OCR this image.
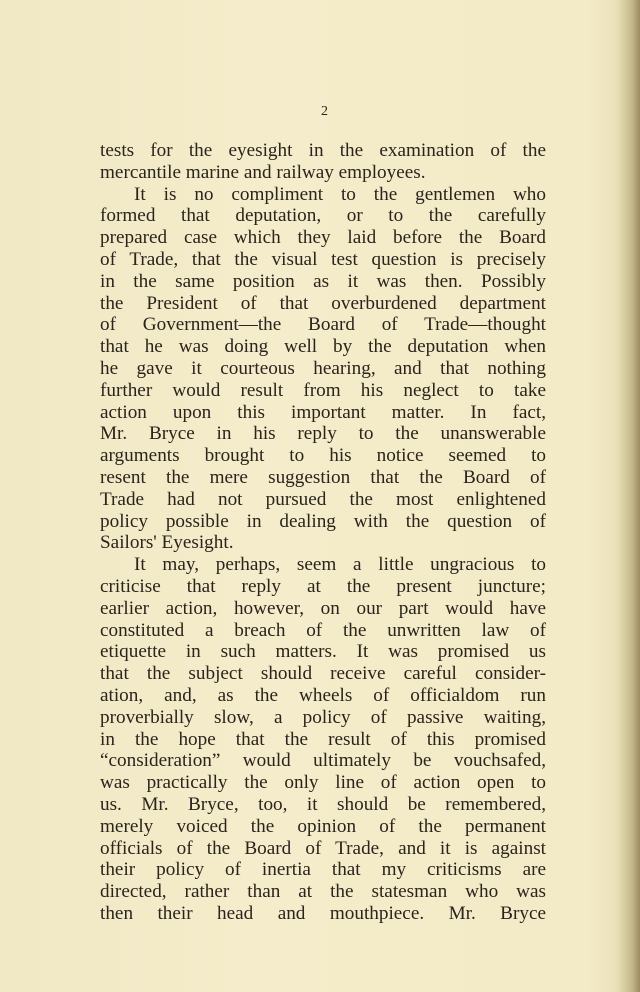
2
tests for the eyesight in the examination of the
mercantile marine and railway employees.
It is no compliment to the gentlemen who
formed that deputation, or to the carefully
prepared case which they laid before the Board
of Trade, that the visual test question is precisely
in the same position as it was then. Possibly
the President of that overburdened department
of Government—the Board of Trade—thought
that he was doing well by the deputation when
he gave it courteous hearing, and that nothing
further would result from his neglect to take
action upon this important matter. In fact,
Mr. Bryce in his reply to the unanswerable
arguments brought to his notice seemed to
resent the mere suggestion that the Board of
Trade had not pursued the most enlightened
policy possible in dealing with the question of
Sailors' Eyesight.
It may, perhaps, seem a little ungracious to
criticise that reply at the present juncture;
earlier action, however, on our part would have
constituted a breach of the unwritten law of
etiquette in such matters. It was promised us
that the subject should receive careful consider-
ation, and, as the wheels of officialdom run
proverbially slow, a policy of passive waiting,
in the hope that the result of this promised
“consideration” would ultimately be vouchsafed,
was practically the only line of action open to
us. Mr. Bryce, too, it should be remembered,
merely voiced the opinion of the permanent
officials of the Board of Trade, and it is against
their policy of inertia that my criticisms are
directed, rather than at the statesman who was
then their head and mouthpiece. Mr. Bryce
